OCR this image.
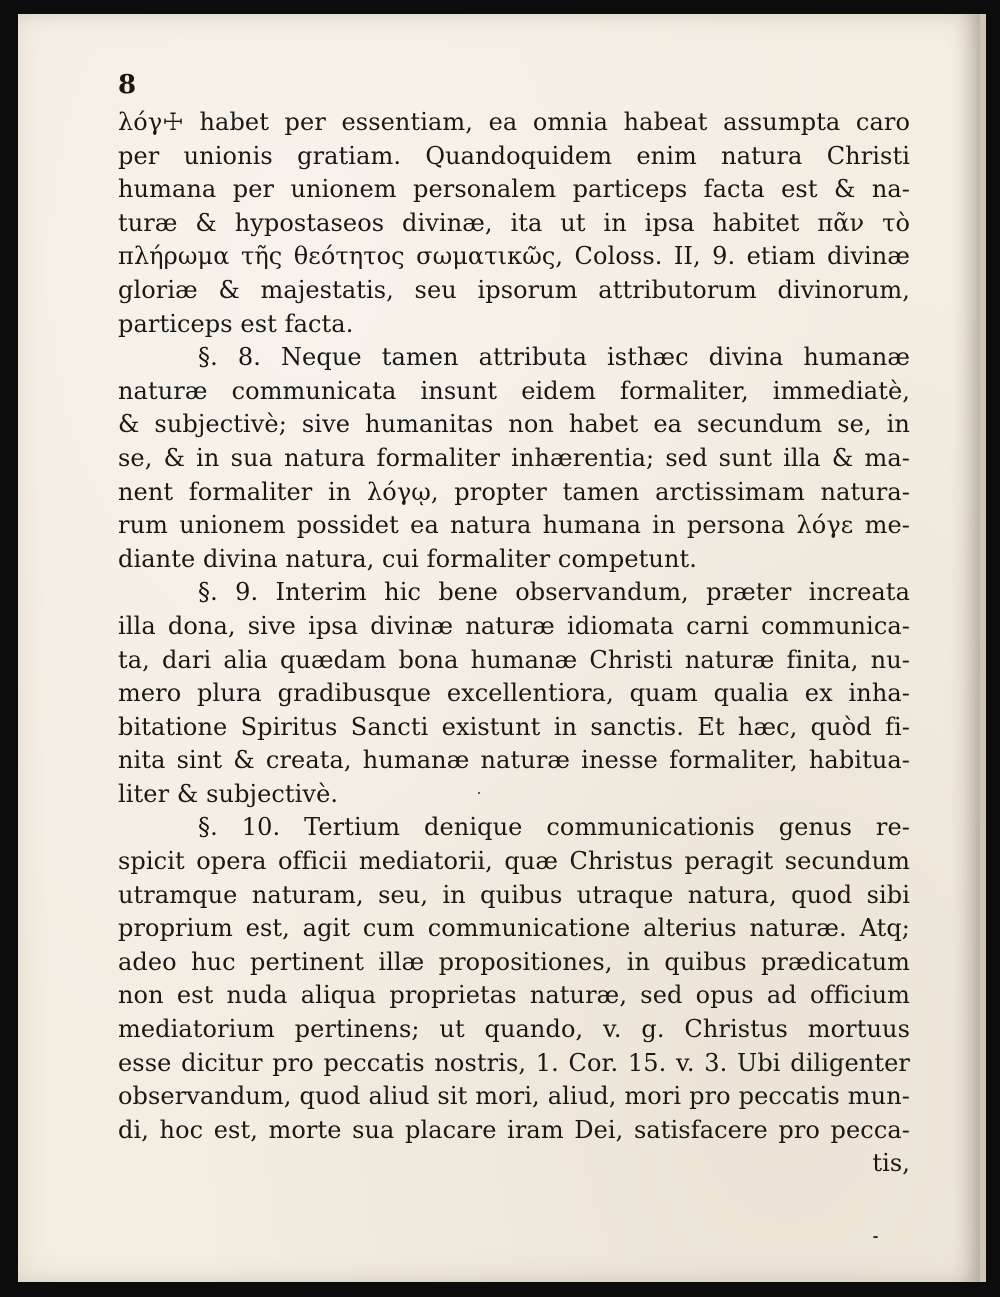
8
λόγ☩ habet per essentiam, ea omnia habeat assumpta caro
per unionis gratiam. Quandoquidem enim natura Christi
humana per unionem personalem particeps facta est & na-
turæ & hypostaseos divinæ, ita ut in ipsa habitet πᾶν τὸ
πλήρωμα τῆς θεότητος σωματικῶς, Coloss. II, 9. etiam divinæ
gloriæ & majestatis, seu ipsorum attributorum divinorum,
particeps est facta.
§. 8. Neque tamen attributa isthæc divina humanæ
naturæ communicata insunt eidem formaliter, immediatè,
& subjectivè; sive humanitas non habet ea secundum se, in
se, & in sua natura formaliter inhærentia; sed sunt illa & ma-
nent formaliter in λόγῳ, propter tamen arctissimam natura-
rum unionem possidet ea natura humana in persona λόγε me-
diante divina natura, cui formaliter competunt.
§. 9. Interim hic bene observandum, præter increata
illa dona, sive ipsa divinæ naturæ idiomata carni communica-
ta, dari alia quædam bona humanæ Christi naturæ finita, nu-
mero plura gradibusque excellentiora, quam qualia ex inha-
bitatione Spiritus Sancti existunt in sanctis. Et hæc, quòd fi-
nita sint & creata, humanæ naturæ inesse formaliter, habitua-
liter & subjectivè.
§. 10. Tertium denique communicationis genus re-
spicit opera officii mediatorii, quæ Christus peragit secundum
utramque naturam, seu, in quibus utraque natura, quod sibi
proprium est, agit cum communicatione alterius naturæ. Atq;
adeo huc pertinent illæ propositiones, in quibus prædicatum
non est nuda aliqua proprietas naturæ, sed opus ad officium
mediatorium pertinens; ut quando, v. g. Christus mortuus
esse dicitur pro peccatis nostris, 1. Cor. 15. v. 3. Ubi diligenter
observandum, quod aliud sit mori, aliud, mori pro peccatis mun-
di, hoc est, morte sua placare iram Dei, satisfacere pro pecca-
tis,
